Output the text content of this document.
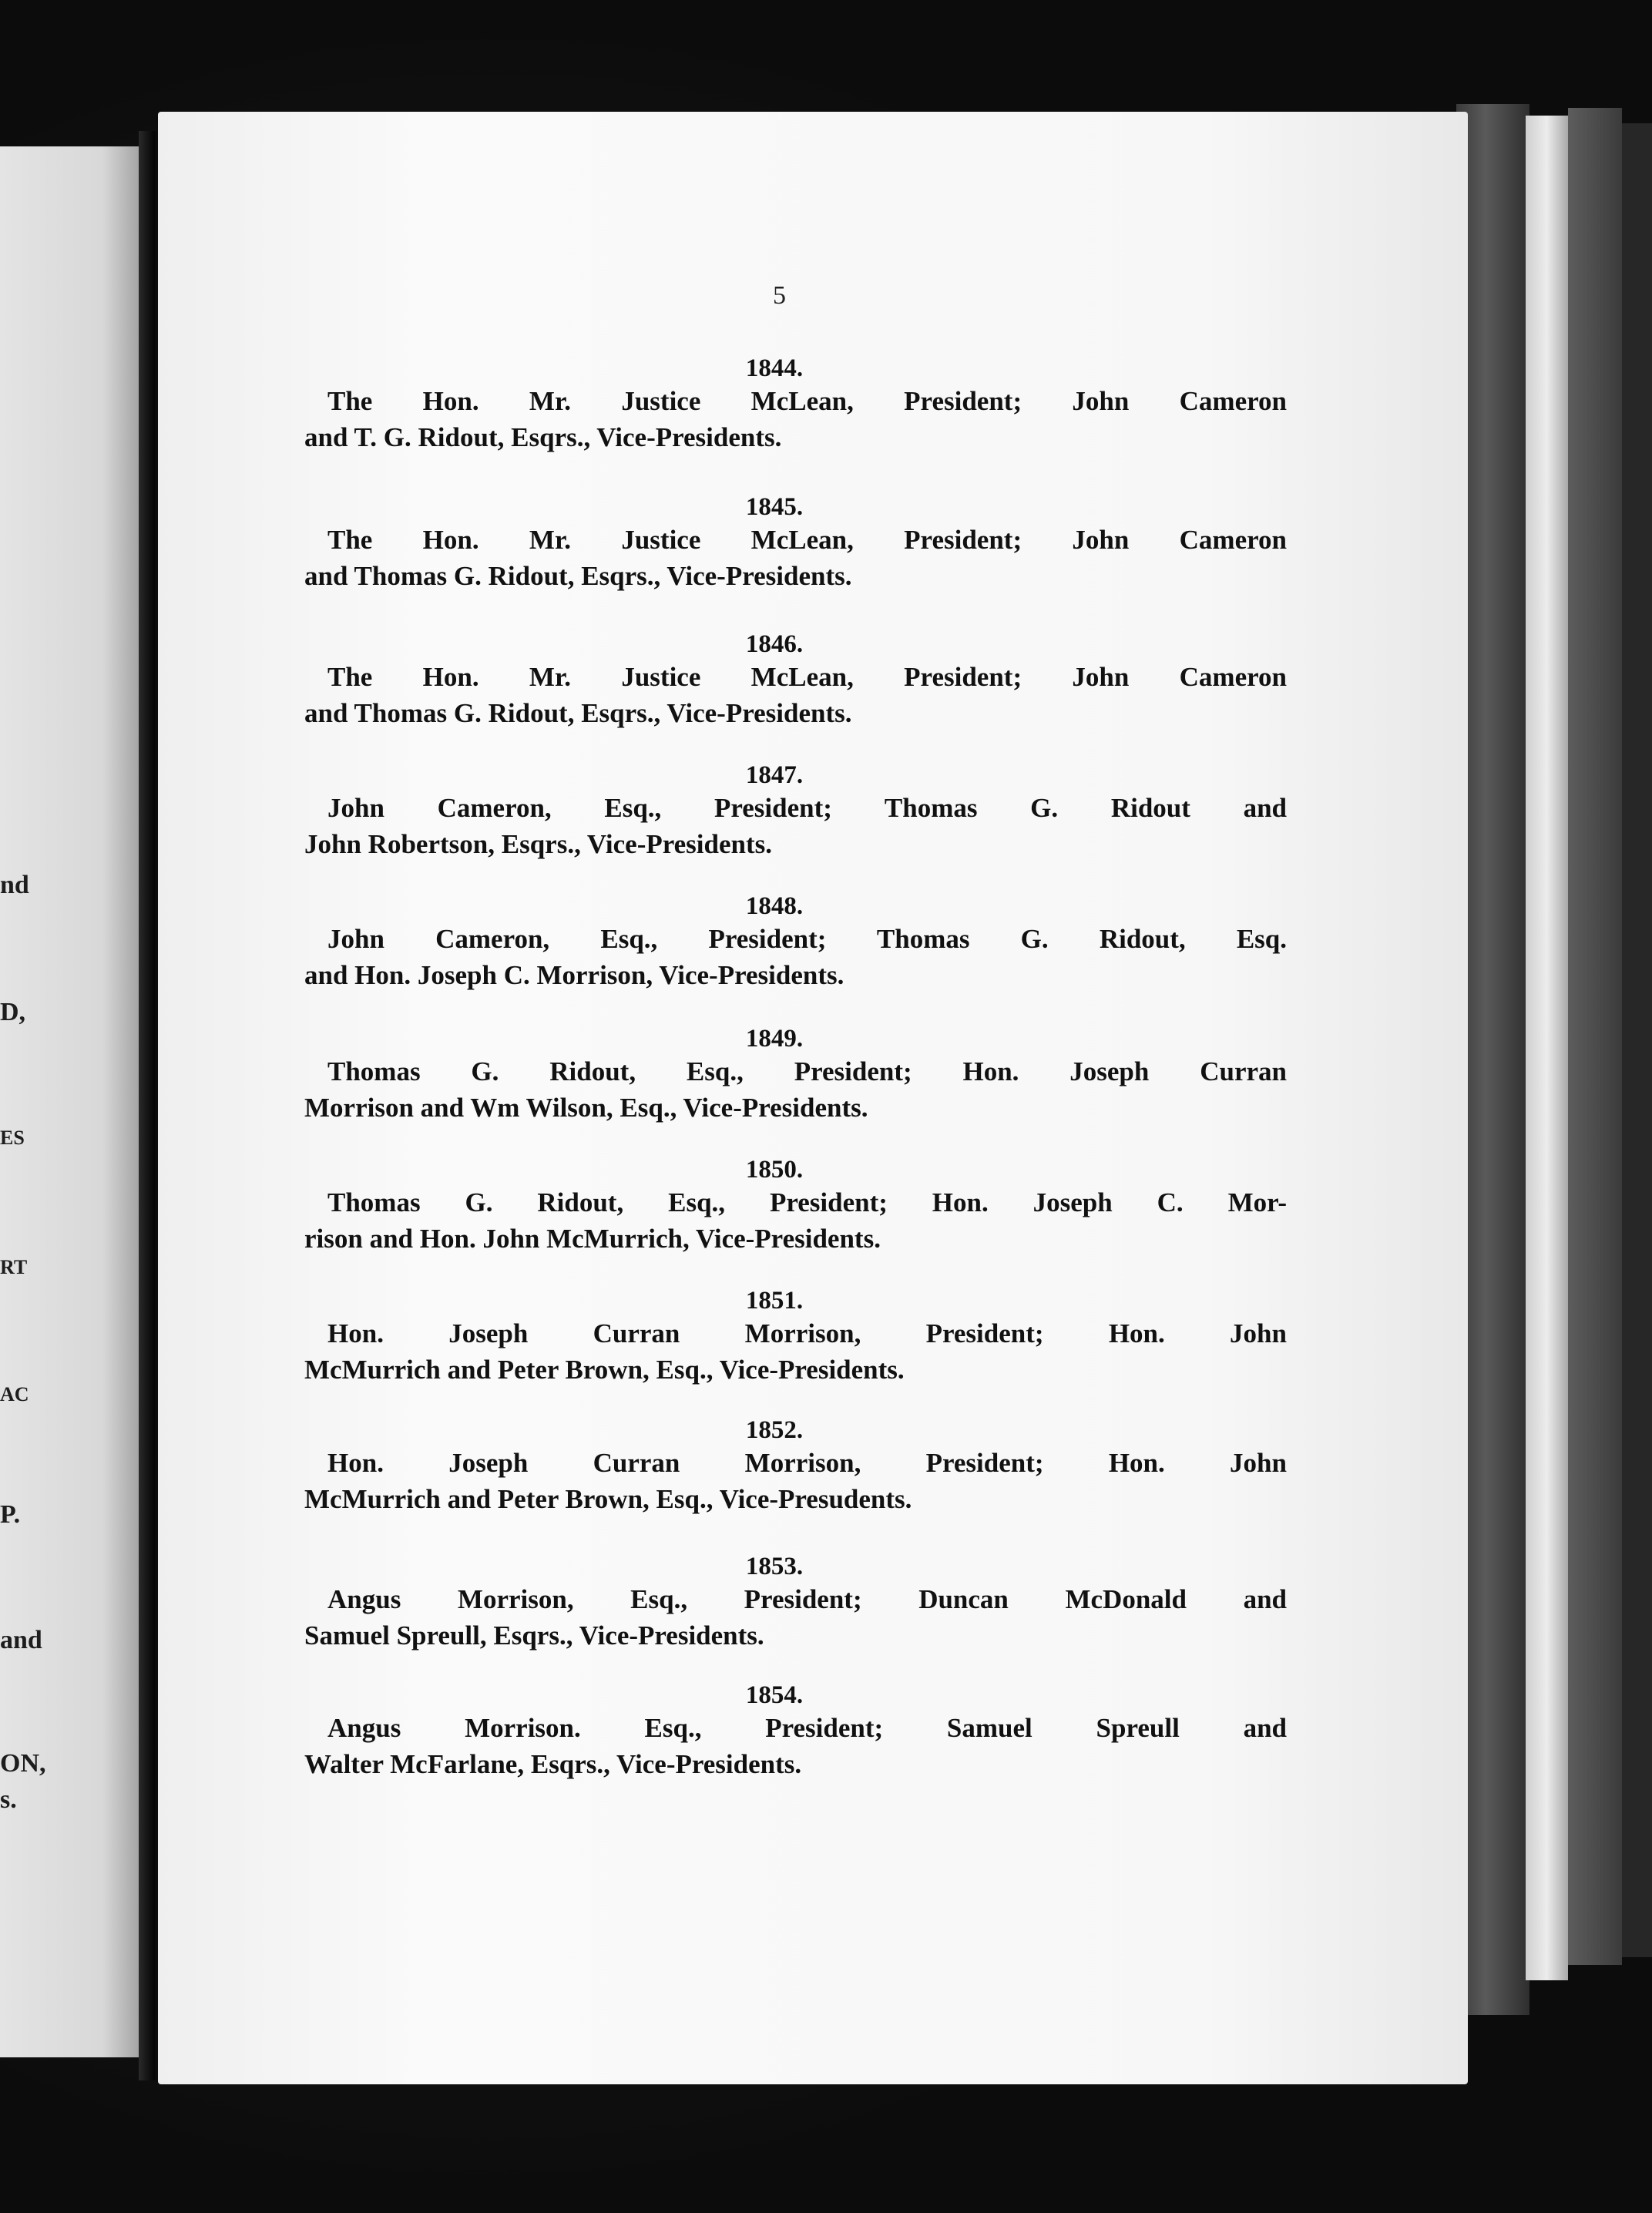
nd
D,
ES
RT
AC
P.
and
ON,
s.
5
1844.
The Hon. Mr. Justice McLean, President; John Cameron
and T. G. Ridout, Esqrs., Vice-Presidents.
1845.
The Hon. Mr. Justice McLean, President; John Cameron
and Thomas G. Ridout, Esqrs., Vice-Presidents.
1846.
The Hon. Mr. Justice McLean, President; John Cameron
and Thomas G. Ridout, Esqrs., Vice-Presidents.
1847.
John Cameron, Esq., President; Thomas G. Ridout and
John Robertson, Esqrs., Vice-Presidents.
1848.
John Cameron, Esq., President; Thomas G. Ridout, Esq.
and Hon. Joseph C. Morrison, Vice-Presidents.
1849.
Thomas G. Ridout, Esq., President; Hon. Joseph Curran
Morrison and Wm Wilson, Esq., Vice-Presidents.
1850.
Thomas G. Ridout, Esq., President; Hon. Joseph C. Mor-
rison and Hon. John McMurrich, Vice-Presidents.
1851.
Hon. Joseph Curran Morrison, President; Hon. John
McMurrich and Peter Brown, Esq., Vice-Presidents.
1852.
Hon. Joseph Curran Morrison, President; Hon. John
McMurrich and Peter Brown, Esq., Vice-Presudents.
1853.
Angus Morrison, Esq., President; Duncan McDonald and
Samuel Spreull, Esqrs., Vice-Presidents.
1854.
Angus Morrison. Esq., President; Samuel Spreull and
Walter McFarlane, Esqrs., Vice-Presidents.
